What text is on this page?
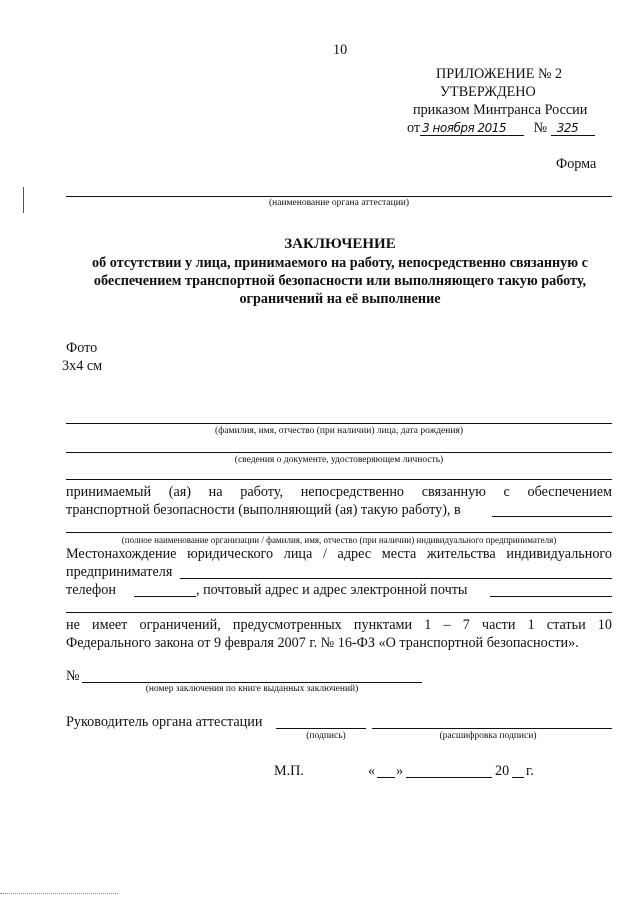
10
ПРИЛОЖЕНИЕ № 2
УТВЕРЖДЕНО
приказом Минтранса России
от 3 ноября 2015 № 325
Форма
(наименование органа аттестации)
ЗАКЛЮЧЕНИЕ
об отсутствии у лица, принимаемого на работу, непосредственно связанную с
обеспечением транспортной безопасности или выполняющего такую работу,
ограничений на её выполнение
Фото
3х4 см
(фамилия, имя, отчество (при наличии) лица, дата рождения)
(сведения о документе, удостоверяющем личность)
принимаемый (ая) на работу, непосредственно связанную с обеспечением
транспортной безопасности (выполняющий (ая) такую работу), в
(полное наименование организации / фамилия, имя, отчество (при наличии) индивидуального предпринимателя)
Местонахождение юридического лица / адрес места жительства индивидуального
предпринимателя
телефон	, почтовый адрес и адрес электронной почты
не имеет ограничений, предусмотренных пунктами 1 – 7 части 1 статьи 10
Федерального закона от 9 февраля 2007 г. № 16-ФЗ «О транспортной безопасности».
№
(номер заключения по книге выданных заключений)
Руководитель органа аттестации
(подпись)	(расшифровка подписи)
М.П.	« »	20 г.
